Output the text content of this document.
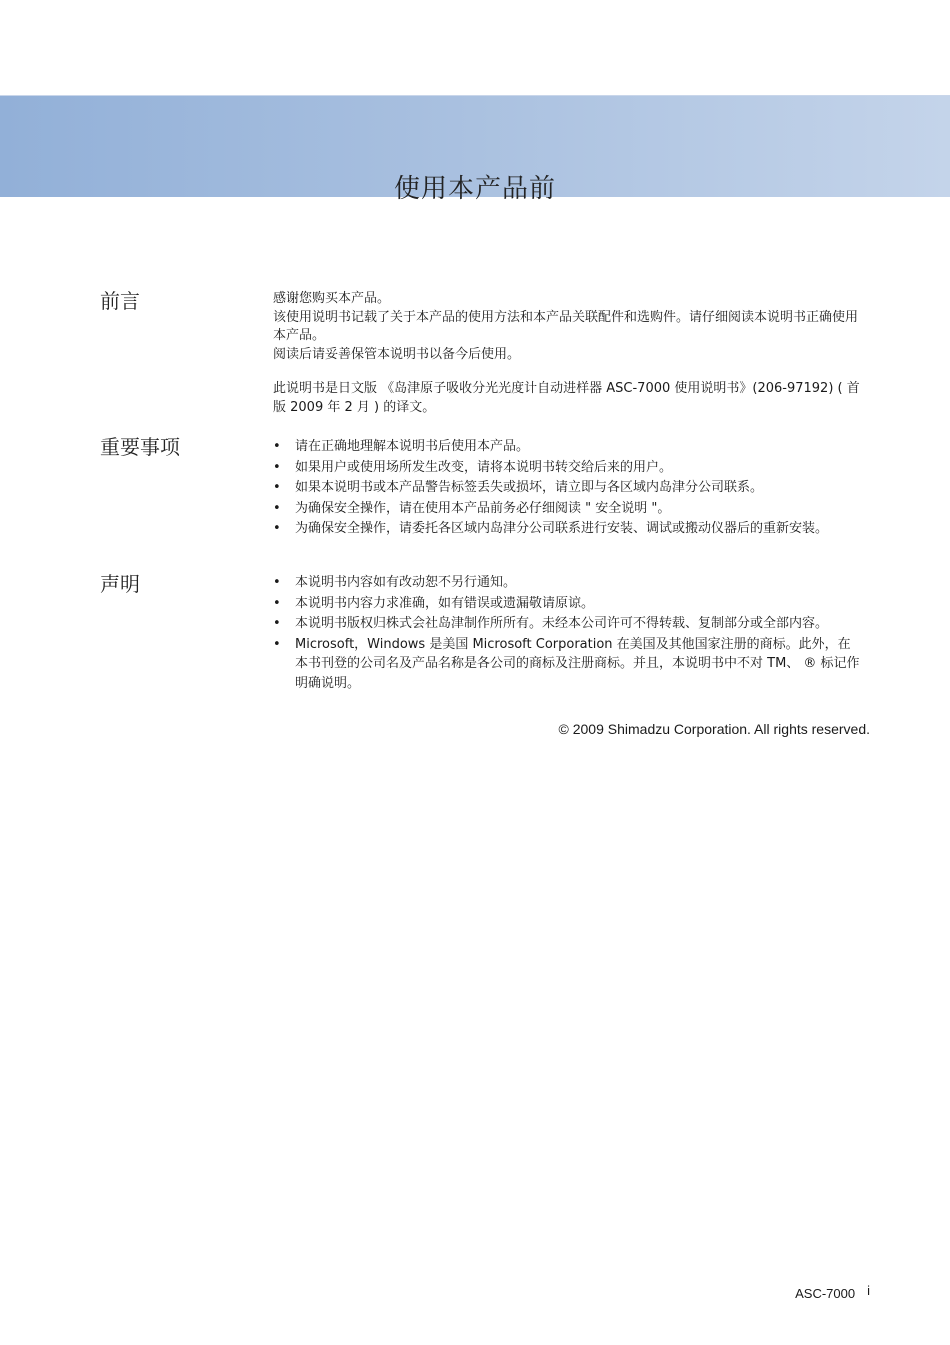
使用本产品前
前言	感谢您购买本产品。

该使用说明书记载了关于本产品的使用方法和本产品关联配件和选购件。请仔细阅读本说明书正确使用本产品。

阅读后请妥善保管本说明书以备今后使用。

此说明书是日文版 《岛津原子吸收分光光度计自动进样器 ASC-7000 使用说明书》(206-97192) ( 首版 2009 年 2 月 ) 的译文。

重要事项	• 请在正确地理解本说明书后使用本产品。
• 如果用户或使用场所发生改变，请将本说明书转交给后来的用户。
• 如果本说明书或本产品警告标签丢失或损坏，请立即与各区域内岛津分公司联系。
• 为确保安全操作，请在使用本产品前务必仔细阅读 " 安全说明 "。
• 为确保安全操作，请委托各区域内岛津分公司联系进行安装、调试或搬动仪器后的重新安装。
声明	• 本说明书内容如有改动恕不另行通知。
• 本说明书内容力求准确，如有错误或遗漏敬请原谅。
• 本说明书版权归株式会社岛津制作所所有。未经本公司许可不得转载、复制部分或全部内容。
• Microsoft，Windows 是美国 Microsoft Corporation 在美国及其他国家注册的商标。此外，在本书刊登的公司名及产品名称是各公司的商标及注册商标。并且，本说明书中不对 TM、 ® 标记作明确说明。
© 2009 Shimadzu Corporation. All rights reserved.
ASC-7000 i
